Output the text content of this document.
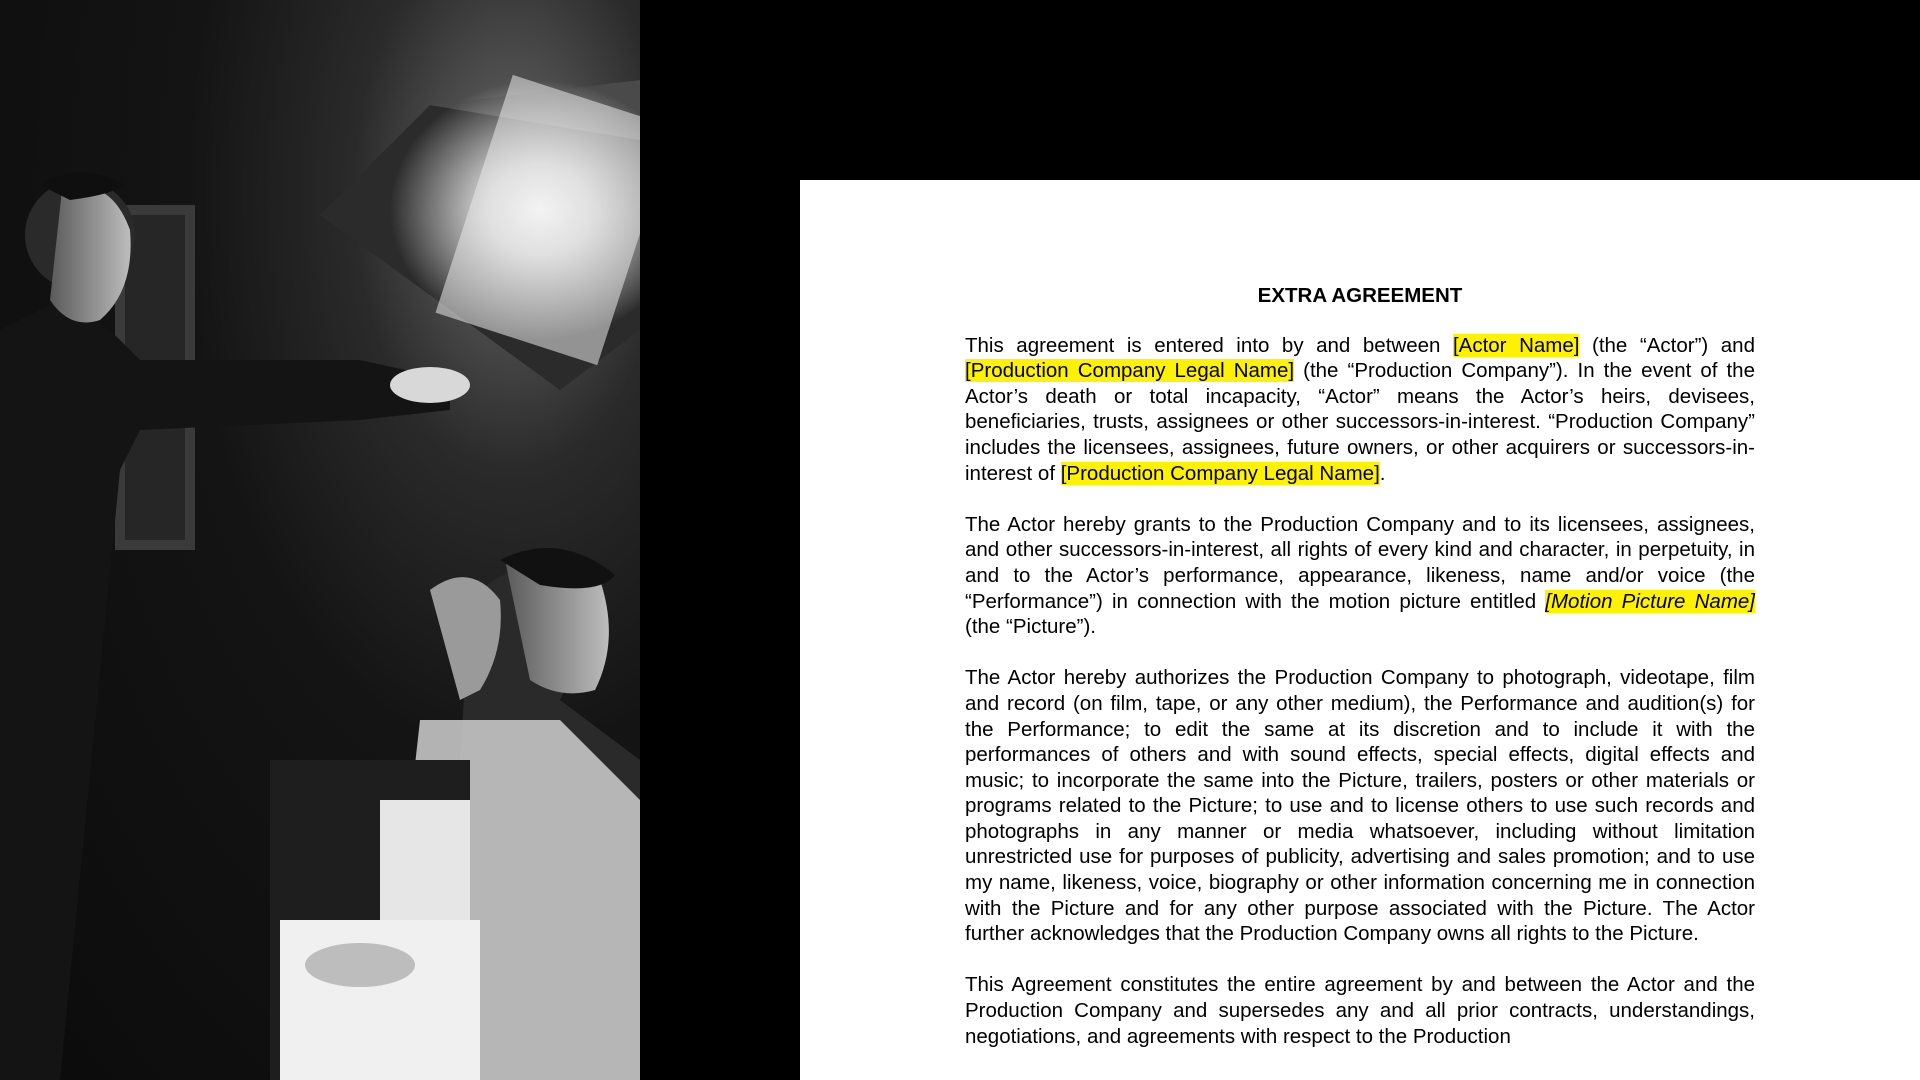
EXTRA AGREEMENT

This agreement is entered into by and between [Actor Name] (the “Actor”) and [Production Company Legal Name] (the “Production Company”). In the event of the Actor’s death or total incapacity, “Actor” means the Actor’s heirs, devisees, beneficiaries, trusts, assignees or other successors-in-interest. “Production Company” includes the licensees, assignees, future owners, or other acquirers or successors-in-interest of [Production Company Legal Name].

The Actor hereby grants to the Production Company and to its licensees, assignees, and other successors-in-interest, all rights of every kind and character, in perpetuity, in and to the Actor’s performance, appearance, likeness, name and/or voice (the “Performance”) in connection with the motion picture entitled [Motion Picture Name] (the “Picture”).

The Actor hereby authorizes the Production Company to photograph, videotape, film and record (on film, tape, or any other medium), the Performance and audition(s) for the Performance; to edit the same at its discretion and to include it with the performances of others and with sound effects, special effects, digital effects and music; to incorporate the same into the Picture, trailers, posters or other materials or programs related to the Picture; to use and to license others to use such records and photographs in any manner or media whatsoever, including without limitation unrestricted use for purposes of publicity, advertising and sales promotion; and to use my name, likeness, voice, biography or other information concerning me in connection with the Picture and for any other purpose associated with the Picture. The Actor further acknowledges that the Production Company owns all rights to the Picture.

This Agreement constitutes the entire agreement by and between the Actor and the Production Company and supersedes any and all prior contracts, understandings, negotiations, and agreements with respect to the Production
